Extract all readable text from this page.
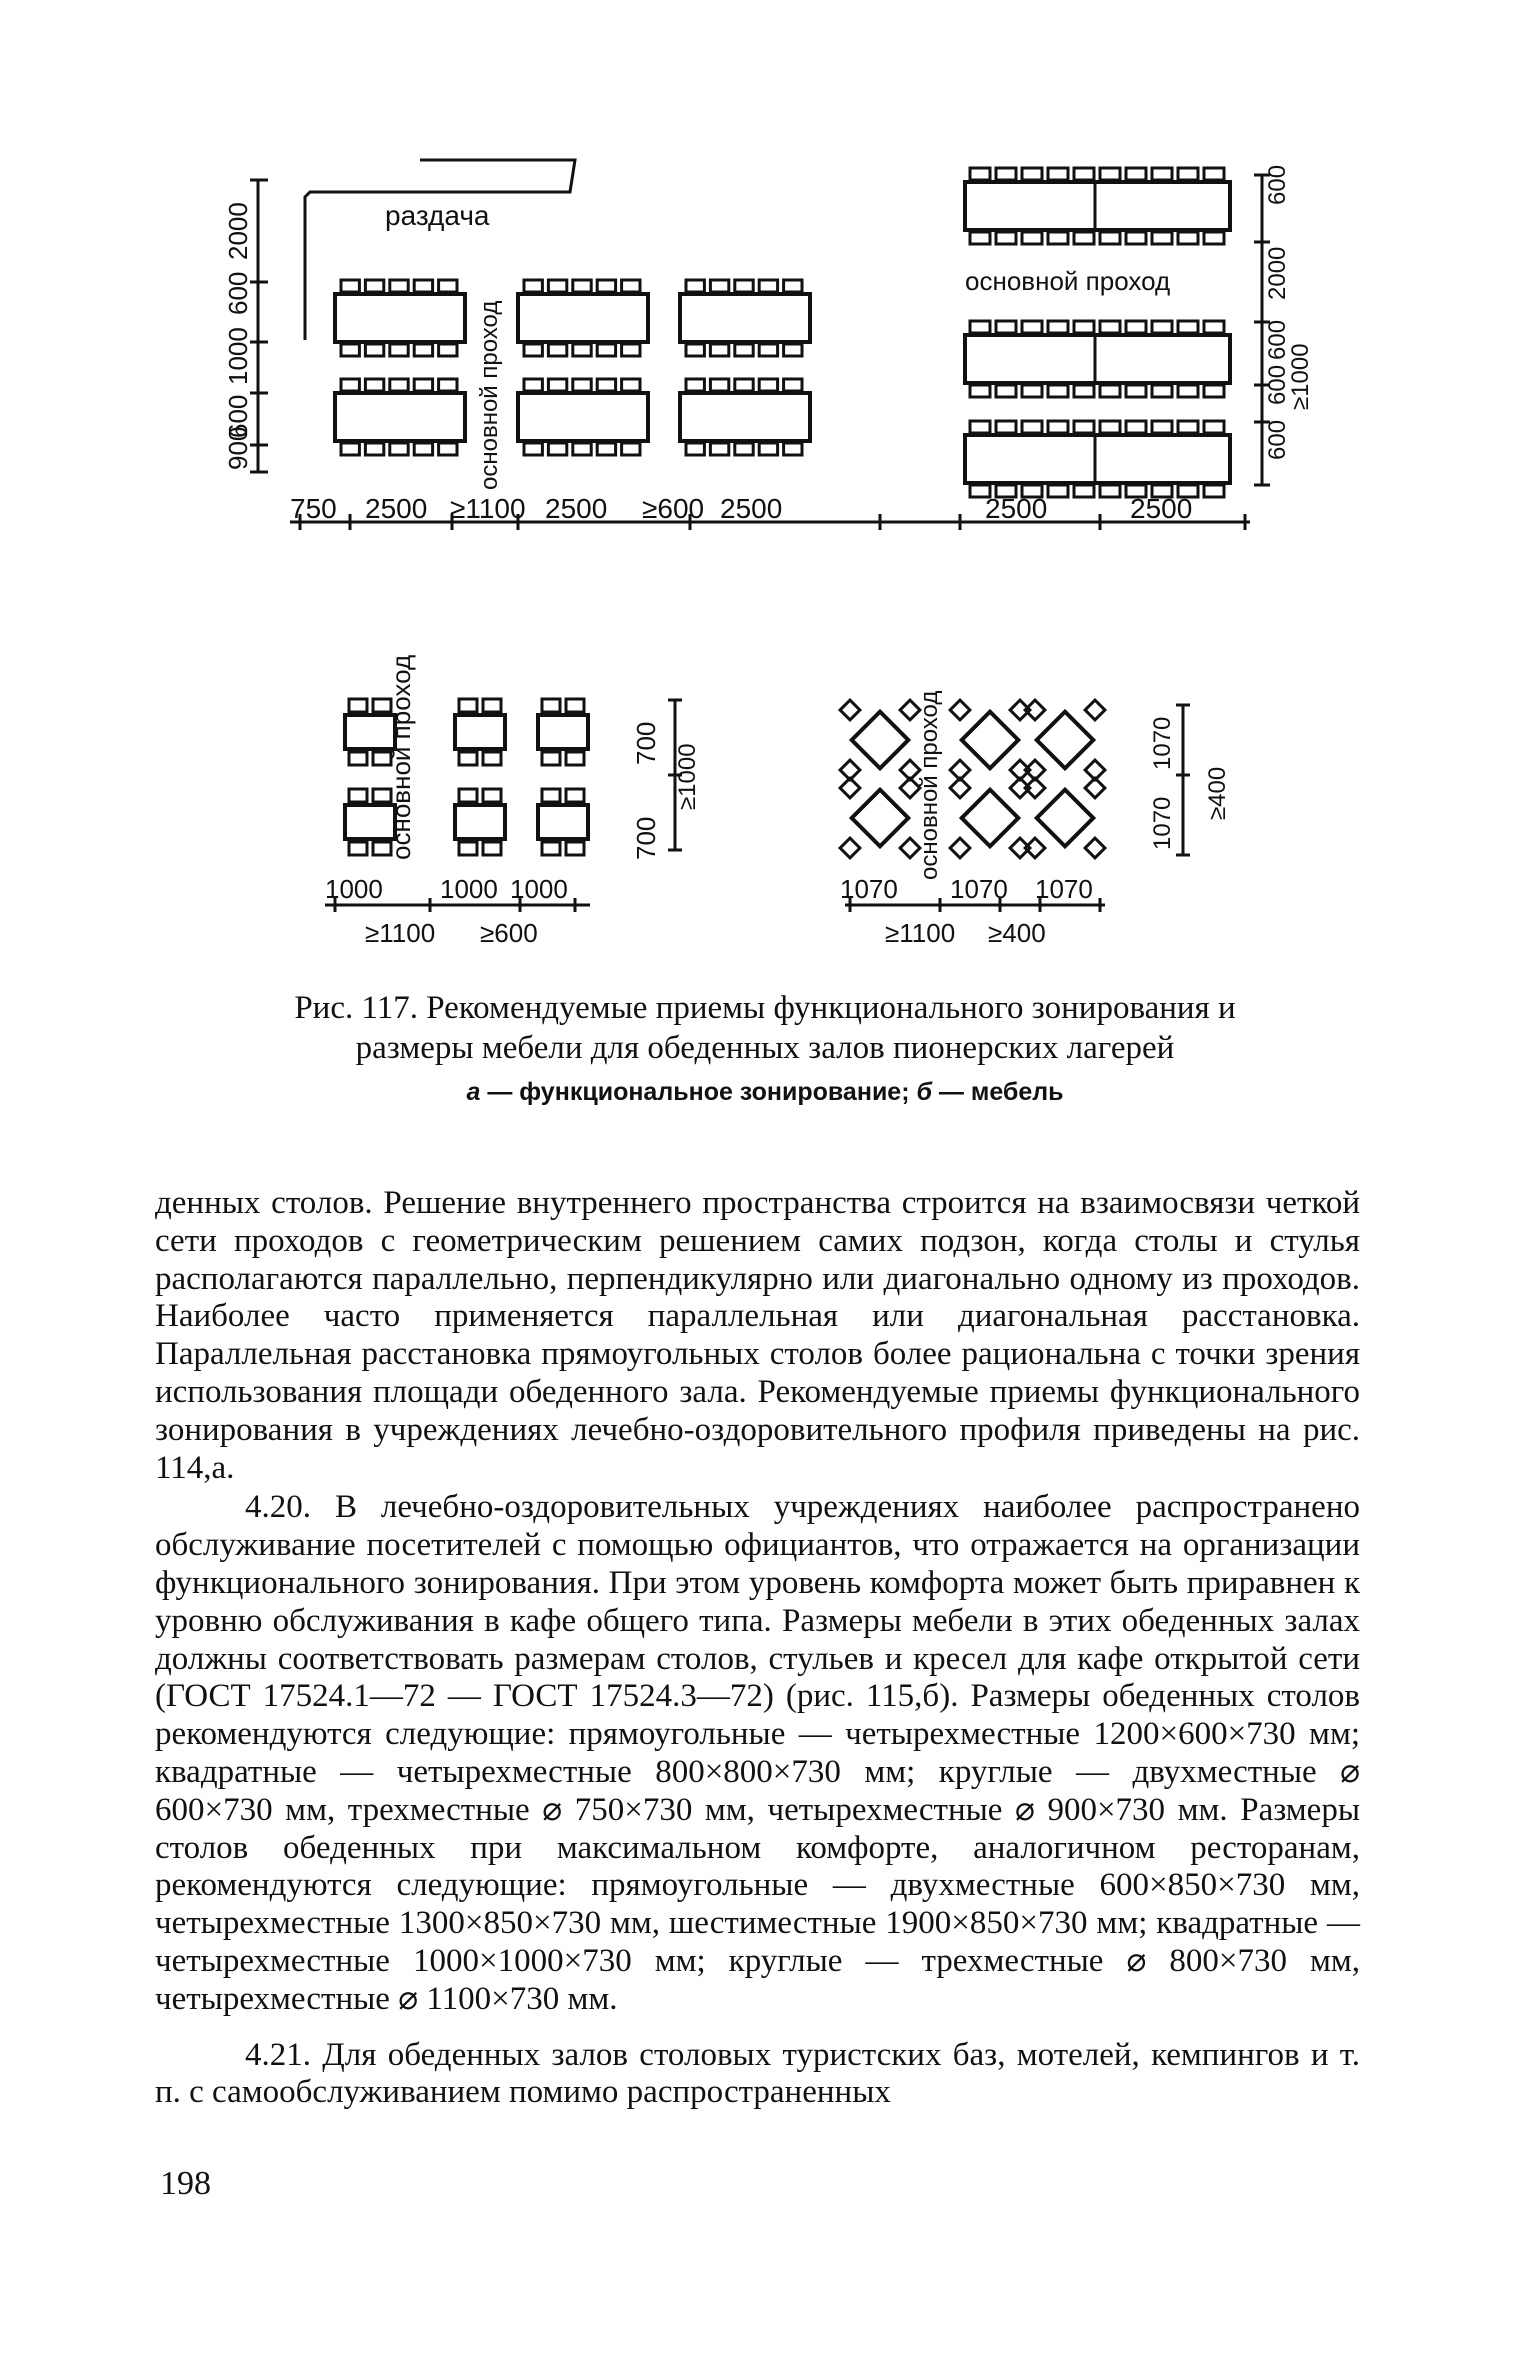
раздача
основной проход
основной проход
основной проход	основной проход
900
600
1000
600
2000
600
2000
600
600
600
≥1000
750 2500 ≥1100 2500 ≥600 2500	2500	2500
700
700
≥1000
1000 1000 1000
≥1100 ≥600
1070
1070
≥400
1070 1070 1070
≥1100 ≥400
Рис. 117. Рекомендуемые приемы функционального зонирования и
размеры мебели для обеденных залов пионерских лагерей
а — функциональное зонирование; б — мебель

денных столов. Решение внутреннего пространства строится на взаимосвязи четкой сети проходов с геометрическим решением самих подзон, когда столы и стулья располагаются параллельно, перпендикулярно или диагонально одному из проходов. Наиболее часто применяется параллельная или диагональная расстановка. Параллельная расстановка прямоугольных столов более рациональна с точки зрения использования площади обеденного зала. Рекомендуемые приемы функционального зонирования в учреждениях лечебно-оздоровительного профиля приведены на рис. 114,а.

4.20. В лечебно-оздоровительных учреждениях наиболее распространено обслуживание посетителей с помощью официантов, что отражается на организации функционального зонирования. При этом уровень комфорта может быть приравнен к уровню обслуживания в кафе общего типа. Размеры мебели в этих обеденных залах должны соответствовать размерам столов, стульев и кресел для кафе открытой сети (ГОСТ 17524.1—72 — ГОСТ 17524.3—72) (рис. 115,б). Размеры обеденных столов рекомендуются следующие: прямоугольные — четырехместные 1200×600×730 мм; квадратные — четырехместные 800×800×730 мм; круглые — двухместные ⌀ 600×730 мм, трехместные ⌀ 750×730 мм, четырехместные ⌀ 900×730 мм. Размеры столов обеденных при максимальном комфорте, аналогичном ресторанам, рекомендуются следующие: прямоугольные — двухместные 600×850×730 мм, четырехместные 1300×850×730 мм, шестиместные 1900×850×730 мм; квадратные — четырехместные 1000×1000×730 мм; круглые — трехместные ⌀ 800×730 мм, четырехместные ⌀ 1100×730 мм.

4.21. Для обеденных залов столовых туристских баз, мотелей, кемпингов и т. п. с самообслуживанием помимо распространенных

198
